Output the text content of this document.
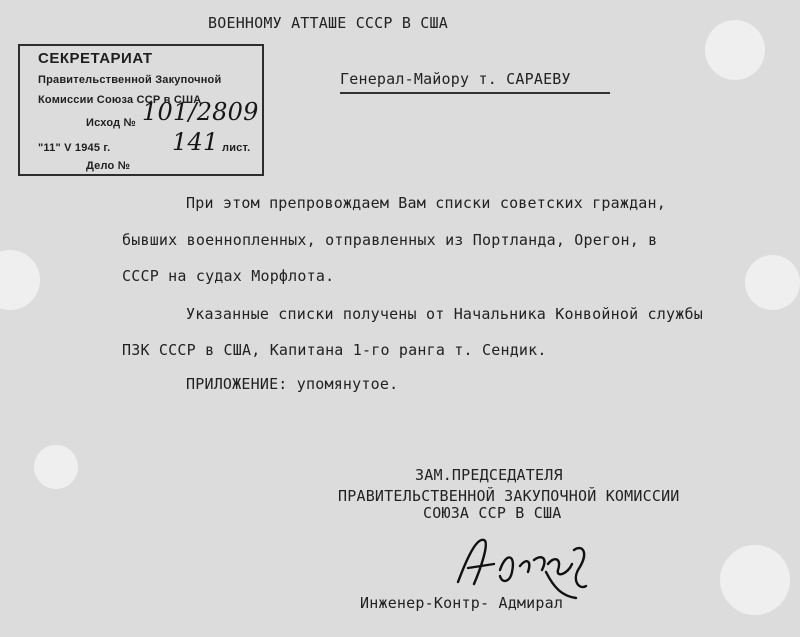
ВОЕННОМУ АТТАШЕ СССР В США
СЕКРЕТАРИАТ
Правительственной Закупочной
Комиссии Союза ССР в США
Исход № 101/2809
"11" V 1945 г.	141 лист.
Дело №
Генерал-Майору т. САРАЕВУ
При этом препровождаем Вам списки советских граждан,
бывших военнопленных, отправленных из Портланда, Орегон, в
СССР на судах Морфлота.
Указанные списки получены от Начальника Конвойной службы
ПЗК СССР в США, Капитана 1-го ранга т. Сендик.
ПРИЛОЖЕНИЕ: упомянутое.
ЗАМ.ПРЕДСЕДАТЕЛЯ
ПРАВИТЕЛЬСТВЕННОЙ ЗАКУПОЧНОЙ КОМИССИИ
СОЮЗА ССР В США
Инженер-Контр- Адмирал
